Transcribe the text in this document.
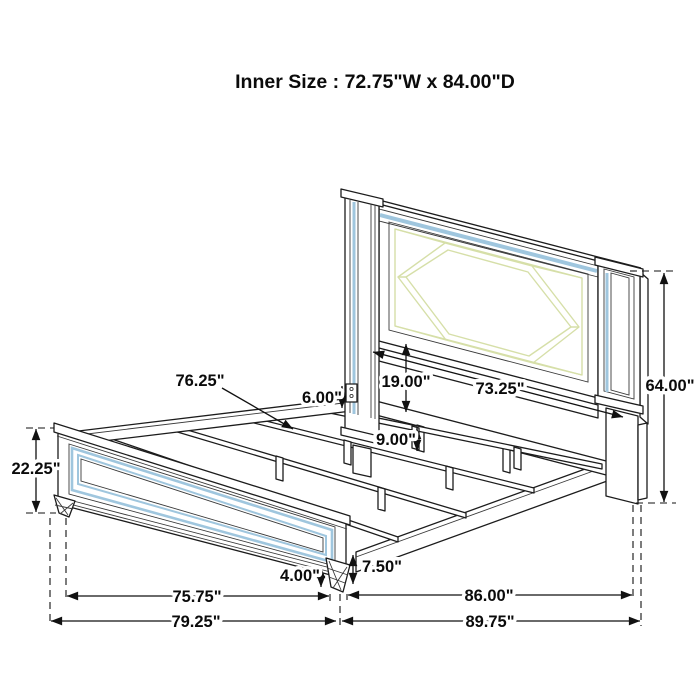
Inner Size : 72.75"W x 84.00"D
22.25"
76.25"
6.00"
19.00"	73.25"	64.00"
9.00"
4.00"	7.50"
75.75"	86.00"
79.25"	89.75"
